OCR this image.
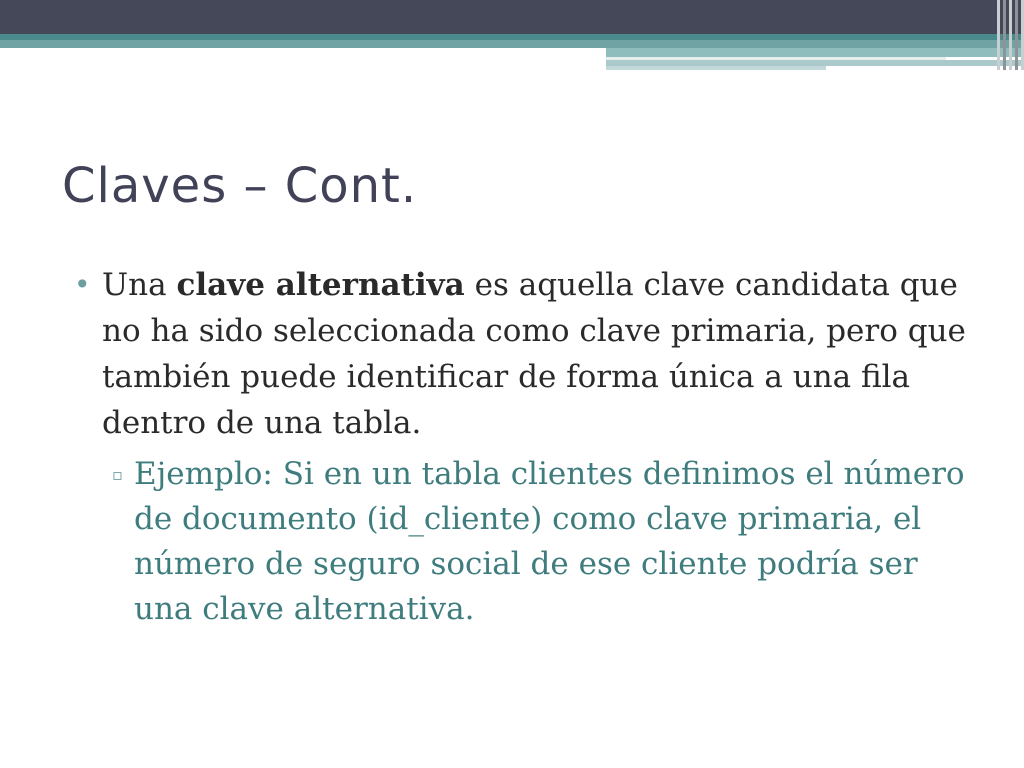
Claves – Cont.
• Una clave alternativa es aquella clave candidata que no ha sido seleccionada como clave primaria, pero que también puede identificar de forma única a una fila dentro de una tabla.
▫ Ejemplo: Si en un tabla clientes definimos el número de documento (id_cliente) como clave primaria, el número de seguro social de ese cliente podría ser una clave alternativa.
